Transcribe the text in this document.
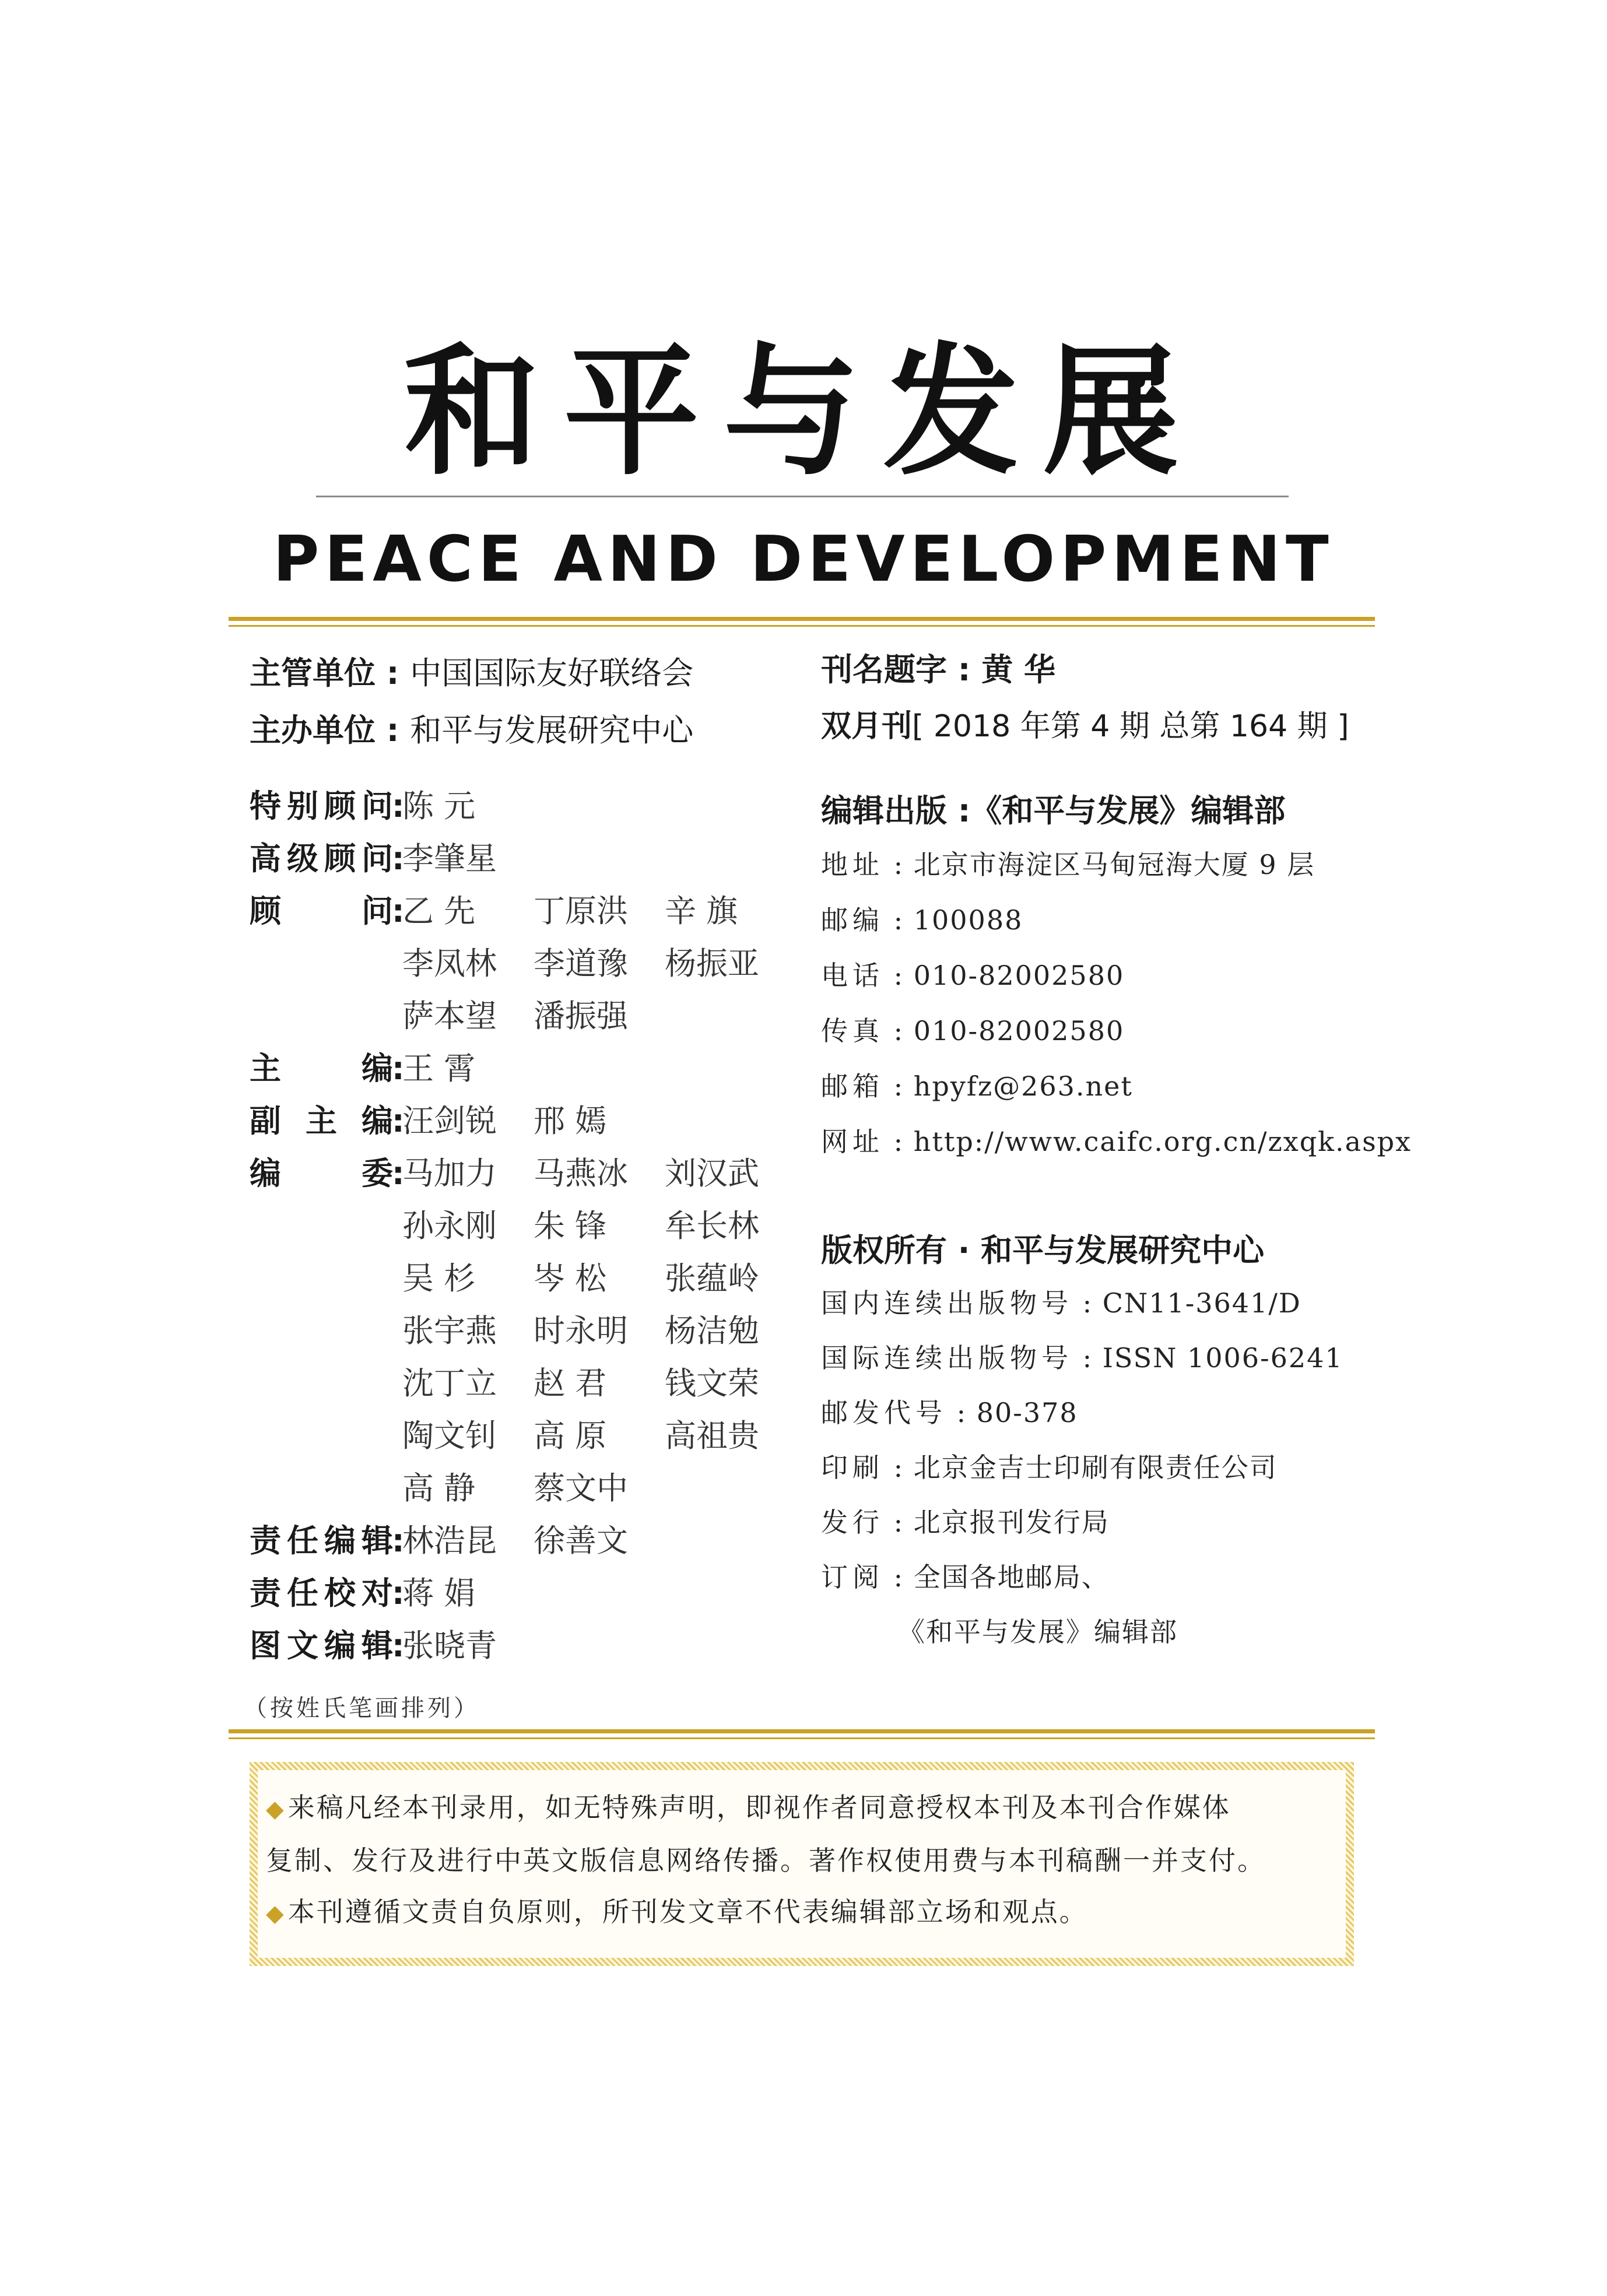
和平与发展
PEACE AND DEVELOPMENT
主管单位 : 中国国际友好联络会
主办单位 : 和平与发展研究中心
刊名题字 : 黄 华
双月刊[ 2018 年第 4 期 总第 164 期 ]
特别顾问
:
陈 元
高级顾问
:
李肇星
顾问
:
乙 先 丁原洪 辛 旗
李凤林 李道豫 杨振亚
萨本望 潘振强
主编
:
王 霄
副主编
:
汪剑锐 邢 嫣
编委
:
马加力 马燕冰 刘汉武
孙永刚 朱 锋 牟长林
吴 杉 岑 松 张蕴岭
张宇燕 时永明 杨洁勉
沈丁立 赵 君 钱文荣
陶文钊 高 原 高祖贵
高 静 蔡文中
责任编辑
:
林浩昆 徐善文
责任校对
:
蒋 娟
图文编辑
:
张晓青
（按姓氏笔画排列）
编辑出版 :《和平与发展》编辑部
地址 : 北京市海淀区马甸冠海大厦 9 层
邮编 : 100088
电话 : 010-82002580
传真 : 010-82002580
邮箱 : hpyfz@263.net
网址 : http://www.caifc.org.cn/zxqk.aspx
版权所有 · 和平与发展研究中心
国内连续出版物号 : CN11-3641/D
国际连续出版物号 : ISSN 1006-6241
邮发代号 : 80-378
印刷 : 北京金吉士印刷有限责任公司
发行 : 北京报刊发行局
订阅 : 全国各地邮局、
《和平与发展》编辑部
◆来稿凡经本刊录用，如无特殊声明，即视作者同意授权本刊及本刊合作媒体
复制、发行及进行中英文版信息网络传播。著作权使用费与本刊稿酬一并支付。
◆本刊遵循文责自负原则，所刊发文章不代表编辑部立场和观点。
